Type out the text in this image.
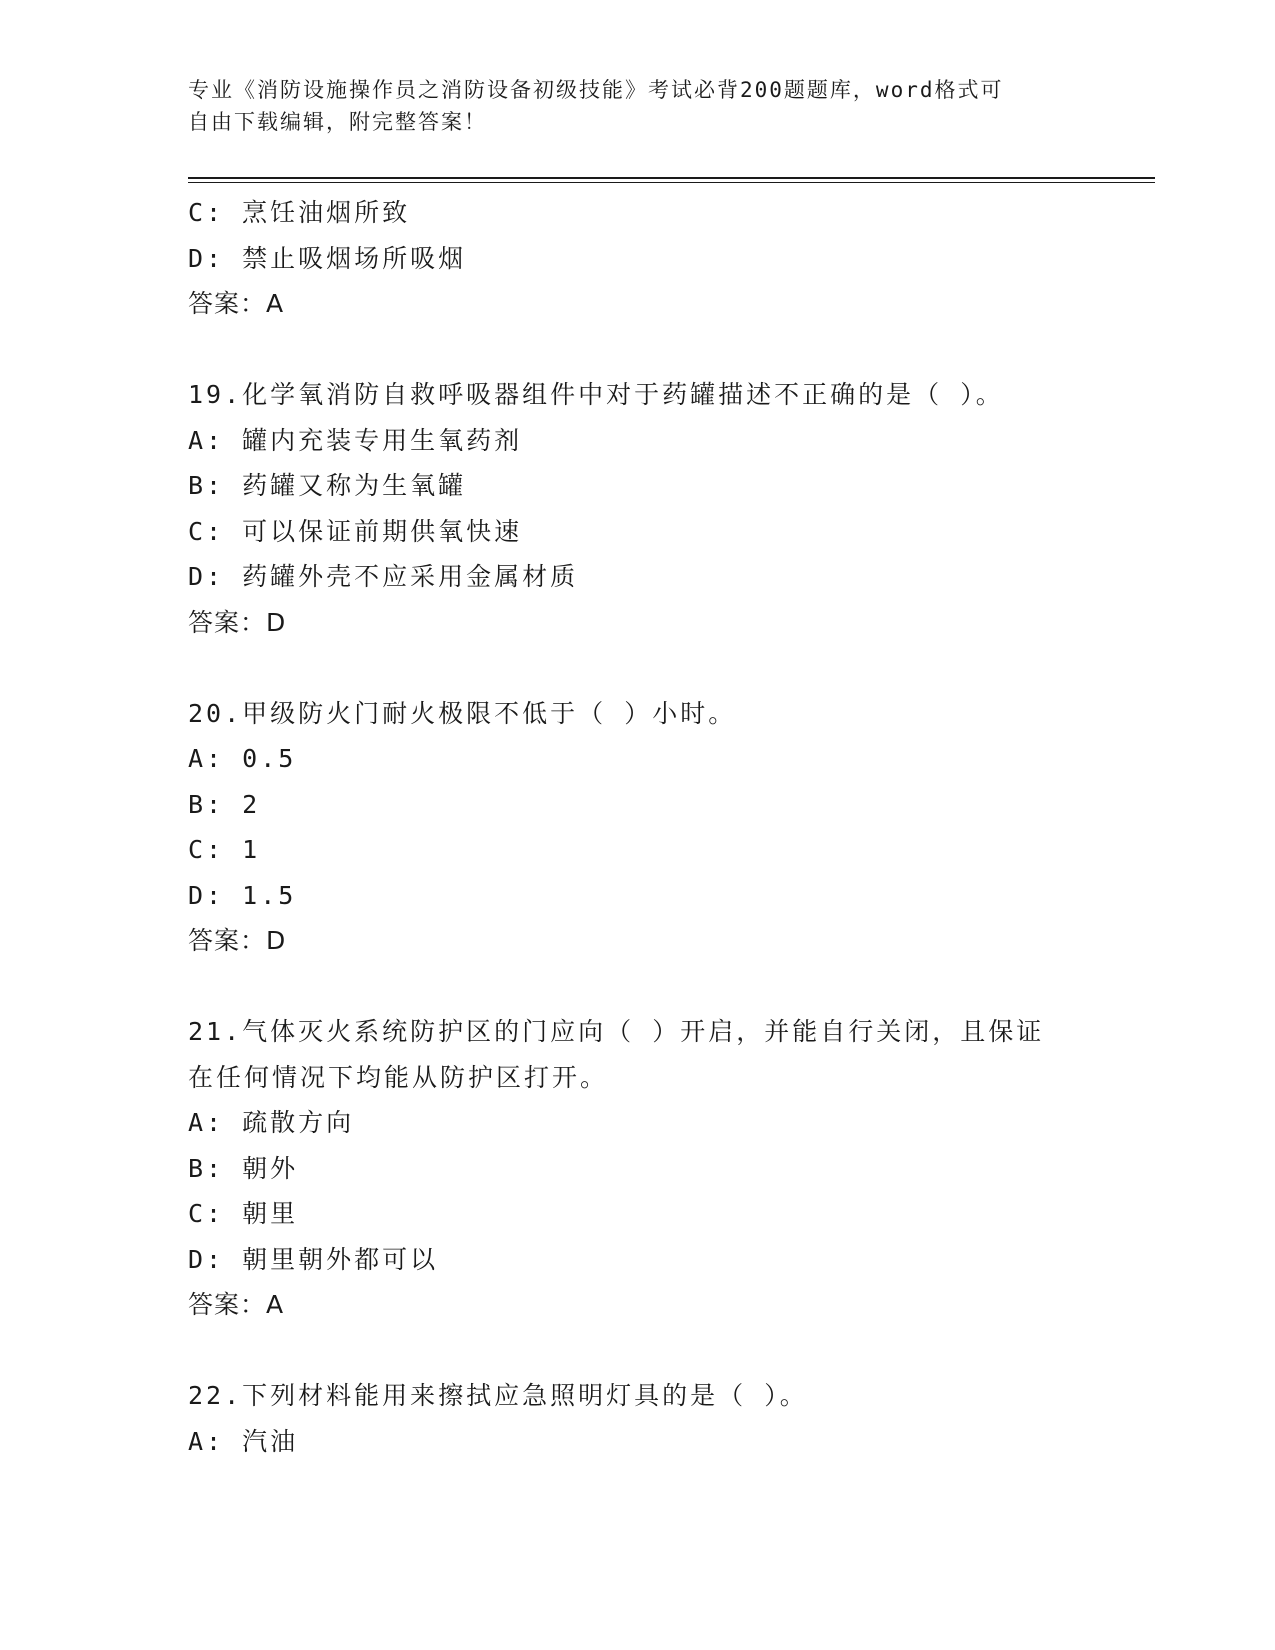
专业《消防设施操作员之消防设备初级技能》考试必背200题题库，word格式可
自由下载编辑，附完整答案！
C: 烹饪油烟所致
D: 禁止吸烟场所吸烟
答案：A
19.化学氧消防自救呼吸器组件中对于药罐描述不正确的是（ ）。
A: 罐内充装专用生氧药剂
B: 药罐又称为生氧罐
C: 可以保证前期供氧快速
D: 药罐外壳不应采用金属材质
答案：D
20.甲级防火门耐火极限不低于（ ）小时。
A: 0.5
B: 2
C: 1
D: 1.5
答案：D
21.气体灭火系统防护区的门应向（ ）开启，并能自行关闭，且保证
在任何情况下均能从防护区打开。
A: 疏散方向
B: 朝外
C: 朝里
D: 朝里朝外都可以
答案：A
22.下列材料能用来擦拭应急照明灯具的是（ ）。
A: 汽油
